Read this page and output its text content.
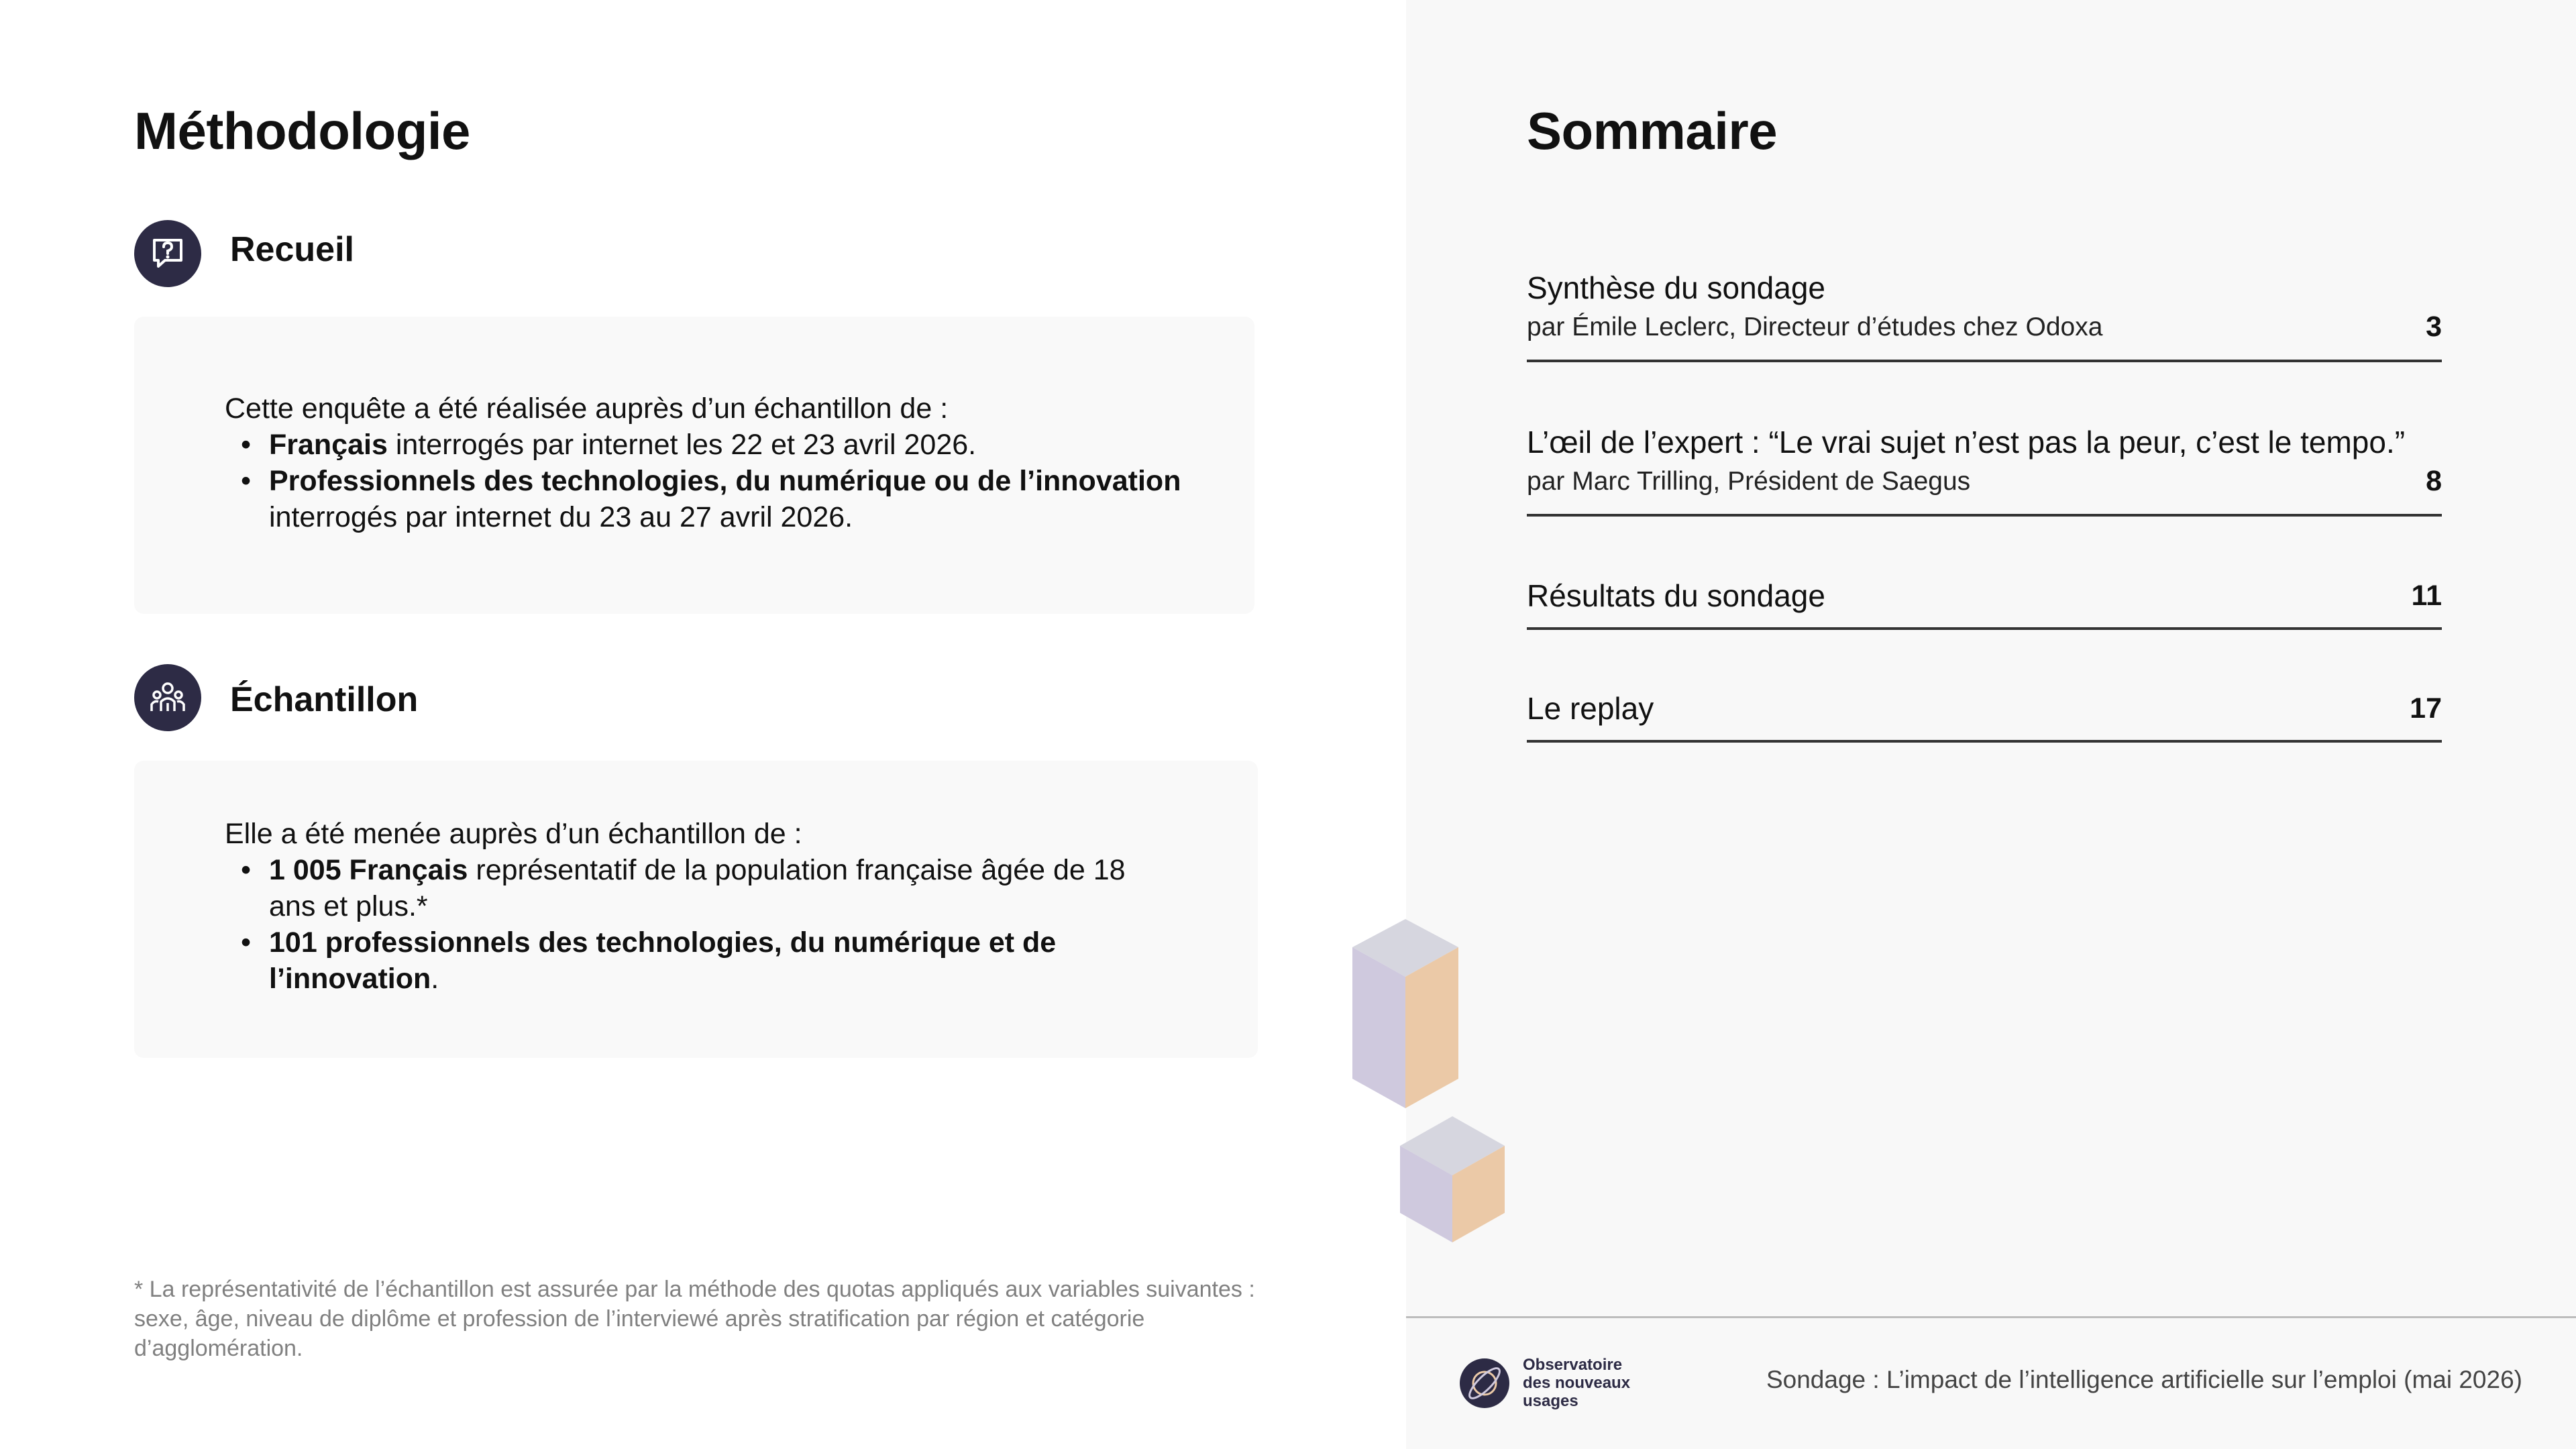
Méthodologie
Recueil
Cette enquête a été réalisée auprès d’un échantillon de :
• Français interrogés par internet les 22 et 23 avril 2026.
• Professionnels des technologies, du numérique ou de l’innovation interrogés par internet du 23 au 27 avril 2026.
Échantillon
Elle a été menée auprès d’un échantillon de :
• 1 005 Français représentatif de la population française âgée de 18 ans et plus.*
• 101 professionnels des technologies, du numérique et de l’innovation.
* La représentativité de l’échantillon est assurée par la méthode des quotas appliqués aux variables suivantes : sexe, âge, niveau de diplôme et profession de l’interviewé après stratification par région et catégorie d’agglomération.
Sommaire
Synthèse du sondage
par Émile Leclerc, Directeur d’études chez Odoxa	3
L’œil de l’expert : “Le vrai sujet n’est pas la peur, c’est le tempo.”
par Marc Trilling, Président de Saegus	8
Résultats du sondage	11
Le replay	17
Observatoire
des nouveaux
usages
Sondage : L’impact de l’intelligence artificielle sur l’emploi (mai 2026)
